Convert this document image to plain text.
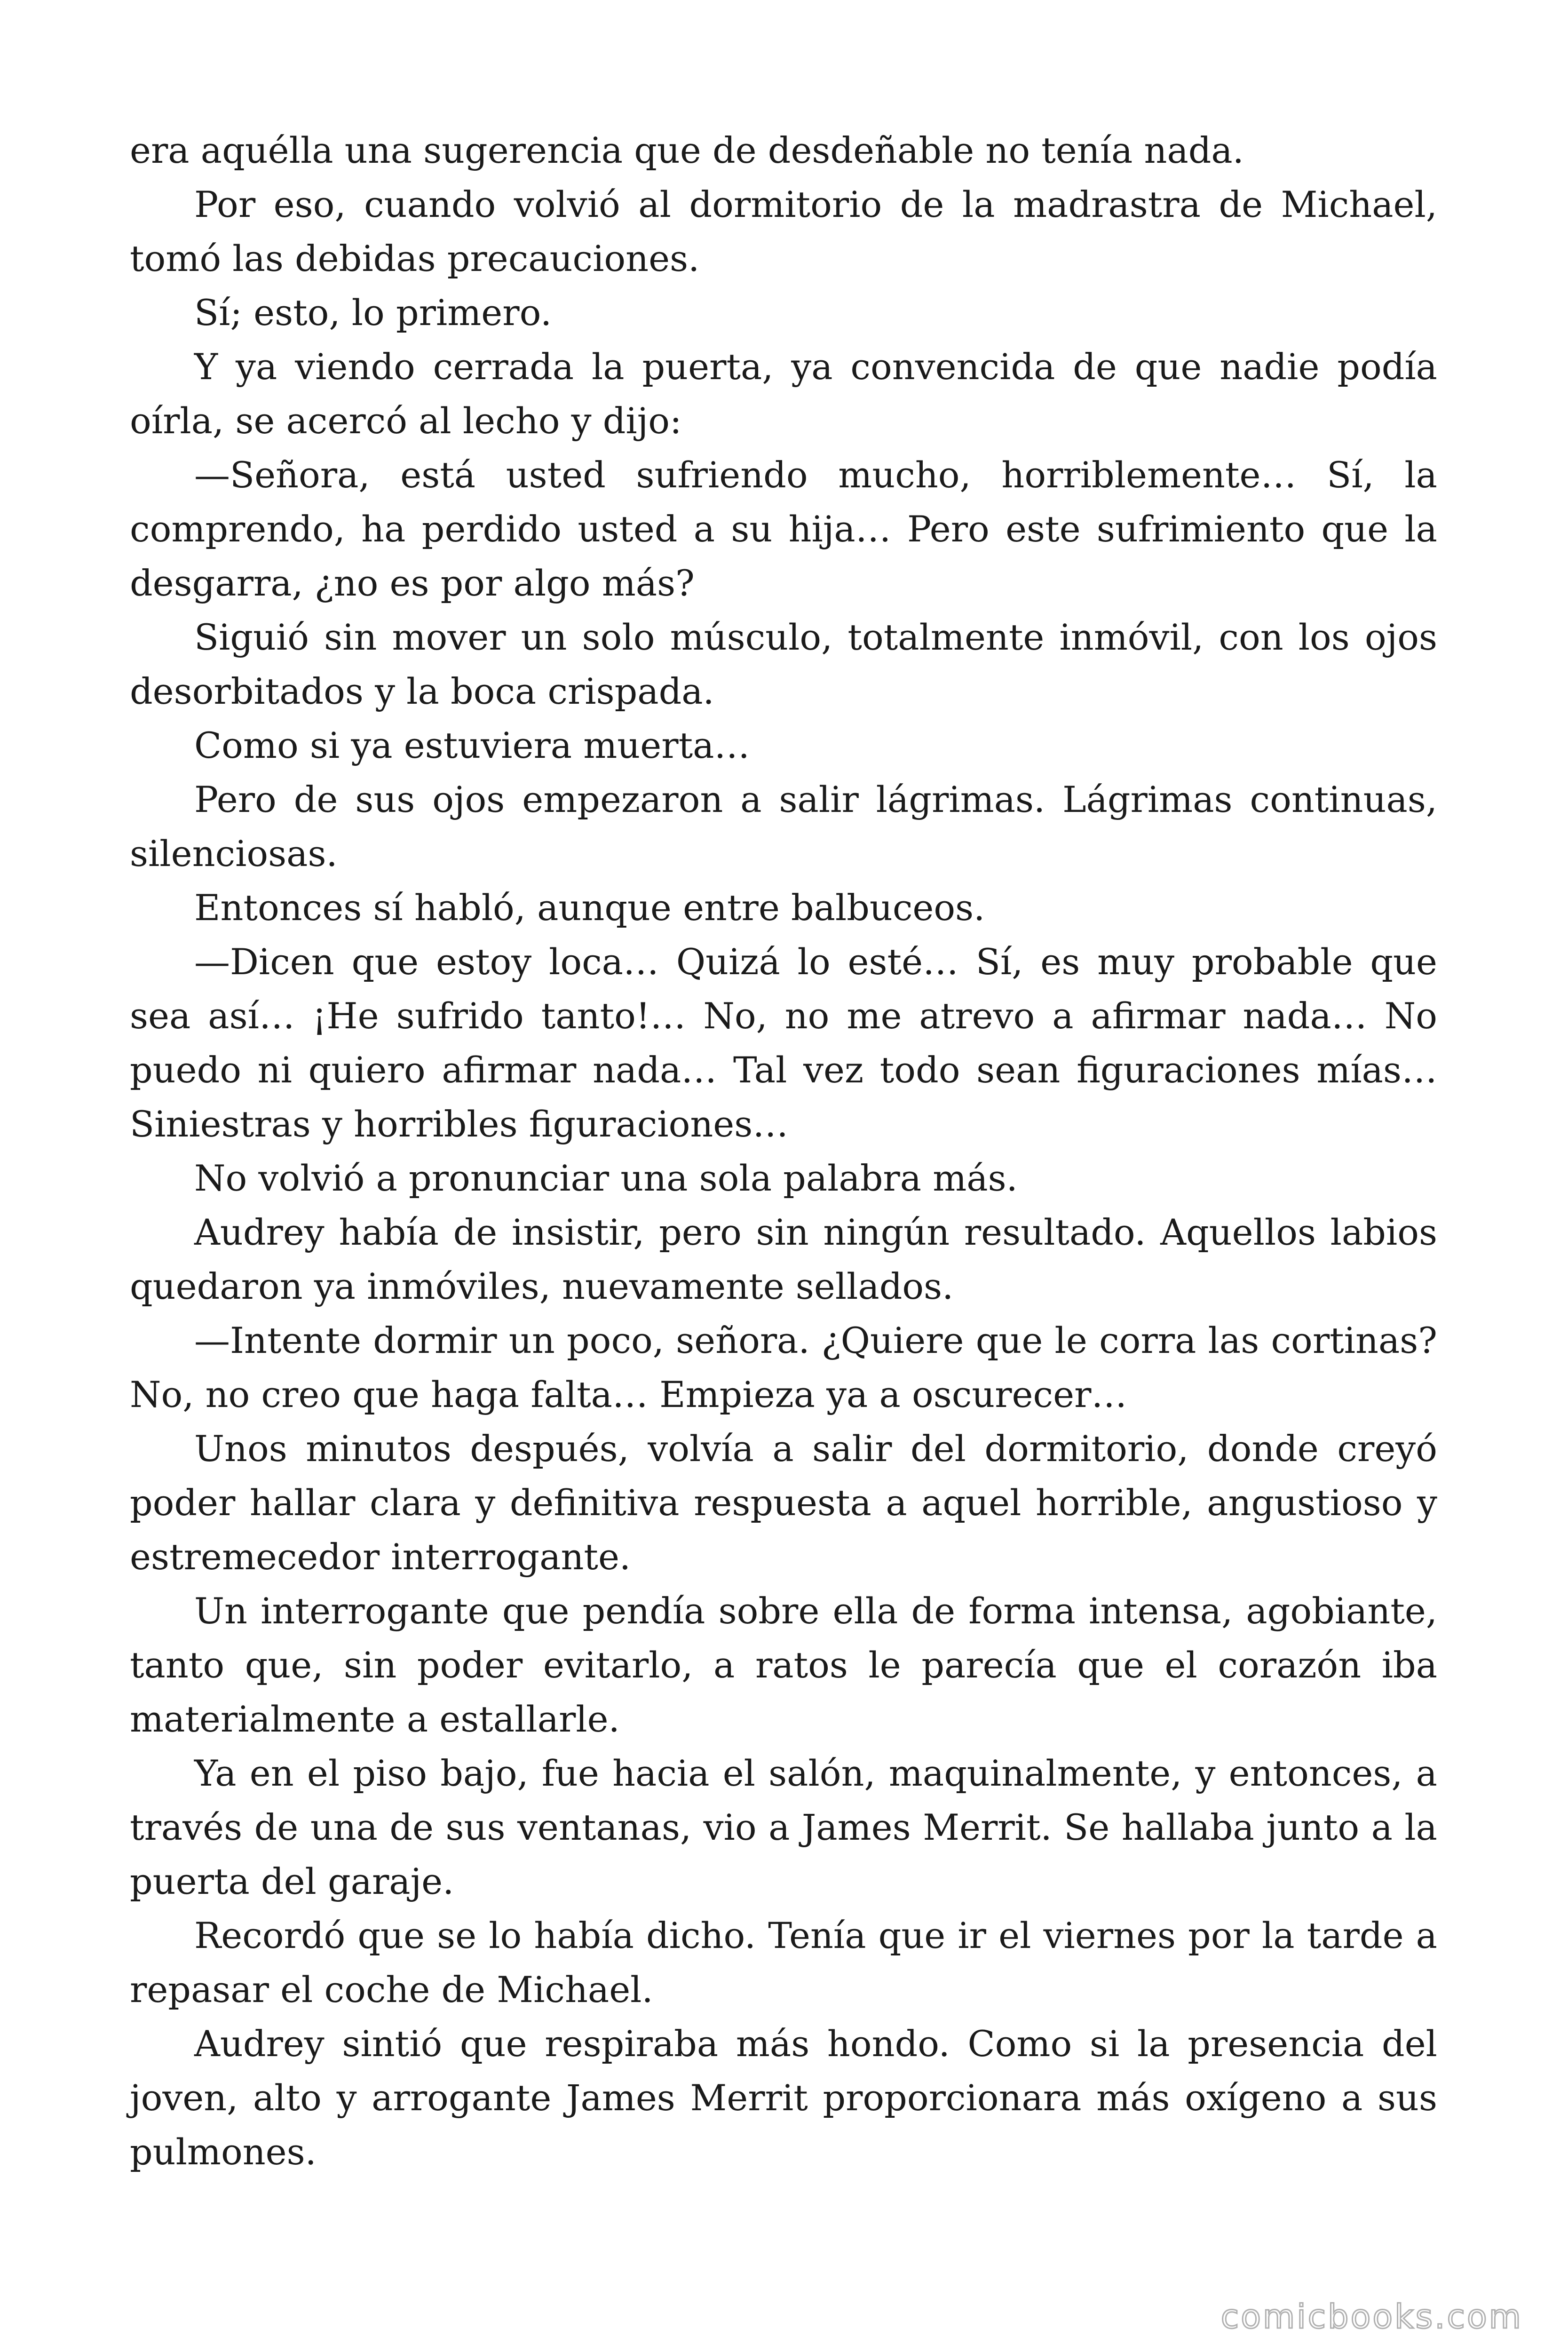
era aquélla una sugerencia que de desdeñable no tenía nada.

Por eso, cuando volvió al dormitorio de la madrastra de Michael, tomó las debidas precauciones.

Sí; esto, lo primero.

Y ya viendo cerrada la puerta, ya convencida de que nadie podía oírla, se acercó al lecho y dijo:

—Señora, está usted sufriendo mucho, horriblemente… Sí, la comprendo, ha perdido usted a su hija… Pero este sufrimiento que la desgarra, ¿no es por algo más?

Siguió sin mover un solo músculo, totalmente inmóvil, con los ojos desorbitados y la boca crispada.

Como si ya estuviera muerta…

Pero de sus ojos empezaron a salir lágrimas. Lágrimas continuas, silenciosas.

Entonces sí habló, aunque entre balbuceos.

—Dicen que estoy loca… Quizá lo esté… Sí, es muy probable que sea así… ¡He sufrido tanto!… No, no me atrevo a afirmar nada… No puedo ni quiero afirmar nada… Tal vez todo sean figuraciones mías… Siniestras y horribles figuraciones…

No volvió a pronunciar una sola palabra más.

Audrey había de insistir, pero sin ningún resultado. Aquellos labios quedaron ya inmóviles, nuevamente sellados.

—Intente dormir un poco, señora. ¿Quiere que le corra las cortinas? No, no creo que haga falta… Empieza ya a oscurecer…

Unos minutos después, volvía a salir del dormitorio, donde creyó poder hallar clara y definitiva respuesta a aquel horrible, angustioso y estremecedor interrogante.

Un interrogante que pendía sobre ella de forma intensa, agobiante, tanto que, sin poder evitarlo, a ratos le parecía que el corazón iba materialmente a estallarle.

Ya en el piso bajo, fue hacia el salón, maquinalmente, y entonces, a través de una de sus ventanas, vio a James Merrit. Se hallaba junto a la puerta del garaje.

Recordó que se lo había dicho. Tenía que ir el viernes por la tarde a repasar el coche de Michael.

Audrey sintió que respiraba más hondo. Como si la presencia del joven, alto y arrogante James Merrit proporcionara más oxígeno a sus pulmones.

comicbooks.com
